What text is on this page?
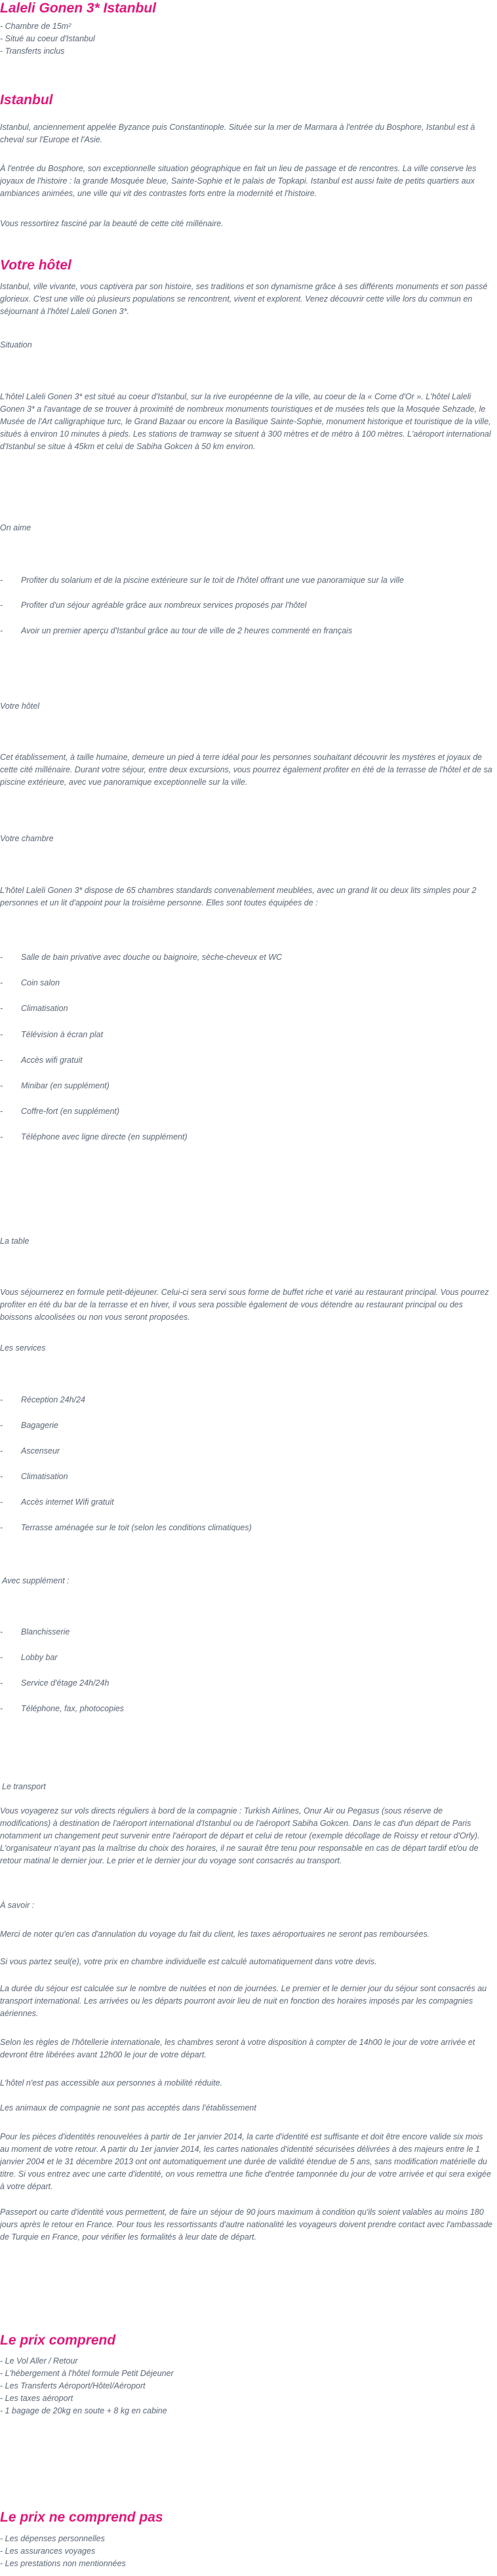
Laleli Gonen 3* Istanbul
- Chambre de 15m²
- Situé au coeur d'Istanbul
- Transferts inclus
Istanbul

Istanbul, anciennement appelée Byzance puis Constantinople. Située sur la mer de Marmara à l'entrée du Bosphore, Istanbul est à cheval sur l'Europe et l'Asie.

À l'entrée du Bosphore, son exceptionnelle situation géographique en fait un lieu de passage et de rencontres. La ville conserve les joyaux de l'histoire : la grande Mosquée bleue, Sainte-Sophie et le palais de Topkapi. Istanbul est aussi faite de petits quartiers aux ambiances animées, une ville qui vit des contrastes forts entre la modernité et l'histoire.

Vous ressortirez fasciné par la beauté de cette cité millénaire.

Votre hôtel

Istanbul, ville vivante, vous captivera par son histoire, ses traditions et son dynamisme grâce à ses différents monuments et son passé glorieux. C'est une ville où plusieurs populations se rencontrent, vivent et explorent. Venez découvrir cette ville lors du commun en séjournant à l'hôtel Laleli Gonen 3*.

Situation

L'hôtel Laleli Gonen 3* est situé au coeur d'Istanbul, sur la rive européenne de la ville, au coeur de la « Corne d'Or ». L'hôtel Laleli Gonen 3* a l'avantage de se trouver à proximité de nombreux monuments touristiques et de musées tels que la Mosquée Sehzade, le Musée de l'Art calligraphique turc, le Grand Bazaar ou encore la Basilique Sainte-Sophie, monument historique et touristique de la ville, situés à environ 10 minutes à pieds. Les stations de tramway se situent à 300 mètres et de métro à 100 mètres. L'aéroport international d'Istanbul se situe à 45km et celui de Sabiha Gokcen à 50 km environ.

On aime

-	Profiter du solarium et de la piscine extérieure sur le toit de l'hôtel offrant une vue panoramique sur la ville
-	Profiter d'un séjour agréable grâce aux nombreux services proposés par l'hôtel
-	Avoir un premier aperçu d'Istanbul grâce au tour de ville de 2 heures commenté en français

Votre hôtel

Cet établissement, à taille humaine, demeure un pied à terre idéal pour les personnes souhaitant découvrir les mystères et joyaux de cette cité millénaire. Durant votre séjour, entre deux excursions, vous pourrez également profiter en été de la terrasse de l'hôtel et de sa piscine extérieure, avec vue panoramique exceptionnelle sur la ville.

Votre chambre

L'hôtel Laleli Gonen 3* dispose de 65 chambres standards convenablement meublées, avec un grand lit ou deux lits simples pour 2 personnes et un lit d'appoint pour la troisième personne. Elles sont toutes équipées de :

-	Salle de bain privative avec douche ou baignoire, sèche-cheveux et WC
-	Coin salon
-	Climatisation
-	Télévision à écran plat
-	Accès wifi gratuit
-	Minibar (en supplément)
-	Coffre-fort (en supplément)
-	Téléphone avec ligne directe (en supplément)

La table

Vous séjournerez en formule petit-déjeuner. Celui-ci sera servi sous forme de buffet riche et varié au restaurant principal. Vous pourrez profiter en été du bar de la terrasse et en hiver, il vous sera possible également de vous détendre au restaurant principal ou des boissons alcoolisées ou non vous seront proposées.

Les services

-	Réception 24h/24
-	Bagagerie
-	Ascenseur
-	Climatisation
-	Accès internet Wifi gratuit
-	Terrasse aménagée sur le toit (selon les conditions climatiques)

Avec supplément :

-	Blanchisserie
-	Lobby bar
-	Service d'étage 24h/24h
-	Téléphone, fax, photocopies

Le transport

Vous voyagerez sur vols directs réguliers à bord de la compagnie : Turkish Airlines, Onur Air ou Pegasus (sous réserve de modifications) à destination de l'aéroport international d'Istanbul ou de l'aéroport Sabiha Gokcen. Dans le cas d'un départ de Paris notamment un changement peut survenir entre l'aéroport de départ et celui de retour (exemple décollage de Roissy et retour d'Orly). L'organisateur n'ayant pas la maîtrise du choix des horaires, il ne saurait être tenu pour responsable en cas de départ tardif et/ou de retour matinal le dernier jour. Le prier et le dernier jour du voyage sont consacrés au transport.

À savoir :

Merci de noter qu'en cas d'annulation du voyage du fait du client, les taxes aéroportuaires ne seront pas remboursées.

Si vous partez seul(e), votre prix en chambre individuelle est calculé automatiquement dans votre devis.

La durée du séjour est calculée sur le nombre de nuitées et non de journées. Le premier et le dernier jour du séjour sont consacrés au transport international. Les arrivées ou les départs pourront avoir lieu de nuit en fonction des horaires imposés par les compagnies aériennes.

Selon les règles de l'hôtellerie internationale, les chambres seront à votre disposition à compter de 14h00 le jour de votre arrivée et devront être libérées avant 12h00 le jour de votre départ.

L'hôtel n'est pas accessible aux personnes à mobilité réduite.

Les animaux de compagnie ne sont pas acceptés dans l'établissement

Pour les pièces d'identités renouvelées à partir de 1er janvier 2014, la carte d'identité est suffisante et doit être encore valide six mois au moment de votre retour. A partir du 1er janvier 2014, les cartes nationales d'identité sécurisées délivrées à des majeurs entre le 1 janvier 2004 et le 31 décembre 2013 ont ont automatiquement une durée de validité étendue de 5 ans, sans modification matérielle du titre. Si vous entrez avec une carte d'identité, on vous remettra une fiche d'entrée tamponnée du jour de votre arrivée et qui sera exigée à votre départ.

Passeport ou carte d'identité vous permettent, de faire un séjour de 90 jours maximum à condition qu'ils soient valables au moins 180 jours après le retour en France. Pour tous les ressortissants d'autre nationalité les voyageurs doivent prendre contact avec l'ambassade de Turquie en France, pour vérifier les formalités à leur date de départ.

Le prix comprend
- Le Vol Aller / Retour
- L'hébergement à l'hôtel formule Petit Déjeuner
- Les Transferts Aéroport/Hôtel/Aéroport
- Les taxes aéroport
- 1 bagage de 20kg en soute + 8 kg en cabine
Le prix ne comprend pas
- Les dépenses personnelles
- Les assurances voyages
- Les prestations non mentionnées
